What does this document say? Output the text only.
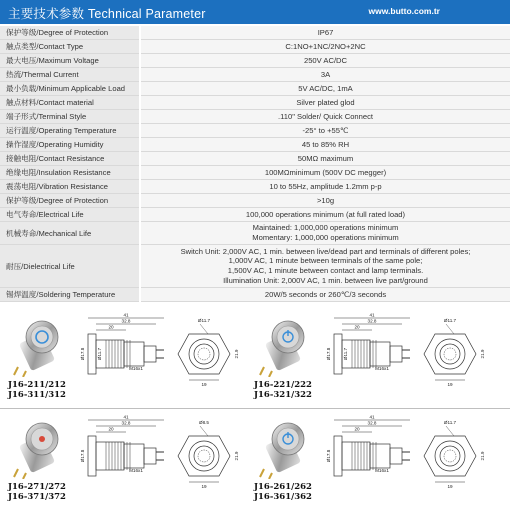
主要技术参数 Technical Parameter	www.butto.com.tr
保护等级/Degree of Protection	IP67
触点类型/Contact Type	C:1NO+1NC/2NO+2NC
最大电压/Maximum Voltage	250V AC/DC
热流/Thermal Current	3A
最小负载/Minimum Applicable Load	5V AC/DC, 1mA
触点材料/Contact material	Silver plated glod
端子形式/Terminal Style	.110" Solder/ Quick Connect
运行温度/Operating Temperature	-25° to +55℃
操作湿度/Operating Humidity	45 to 85% RH
接触电阻/Contact Resistance	50MΩ maximum
绝缘电阻/Insulation Resistance	100MΩminimum (500V DC megger)
震荡电阻/Vibration Resistance	10 to 55Hz, amplitude 1.2mm p-p
保护等级/Degree of Protection	>10g
电气寿命/Electrical Life	100,000 operations minimum (at full rated load)
机械寿命/Mechanical Life	Maintained: 1,000,000 operations minimum
Momentary: 1,000,000 operations minimum
耐压/Dielectrical Life	Switch Unit: 2,000V AC, 1 min. between live/dead part and terminals of different poles;
1,000V AC, 1 minute between terminals of the same pole;
1,500V AC, 1 minute between contact and lamp terminals.
Illumination Unit: 2,000V AC, 1 min. between live part/ground
锡焊温度/Soldering Temperature	20W/5 seconds or 260℃/3 seconds
J16-211/212
J16-311/312
41
32.8
20
Ø17.8	Ø11.7
M16x1
Ø11.7
21.9
19	J16-221/222
J16-321/322
41
32.8
20
Ø17.8	Ø11.7
M16x1
Ø11.7
21.9
19
J16-271/272
J16-371/372
41
32.8
20
Ø17.8
M16x1
Ø8.5
21.9
19	J16-261/262
J16-361/362
41
32.8
20
Ø17.8
M16x1
Ø11.7
21.9
19
